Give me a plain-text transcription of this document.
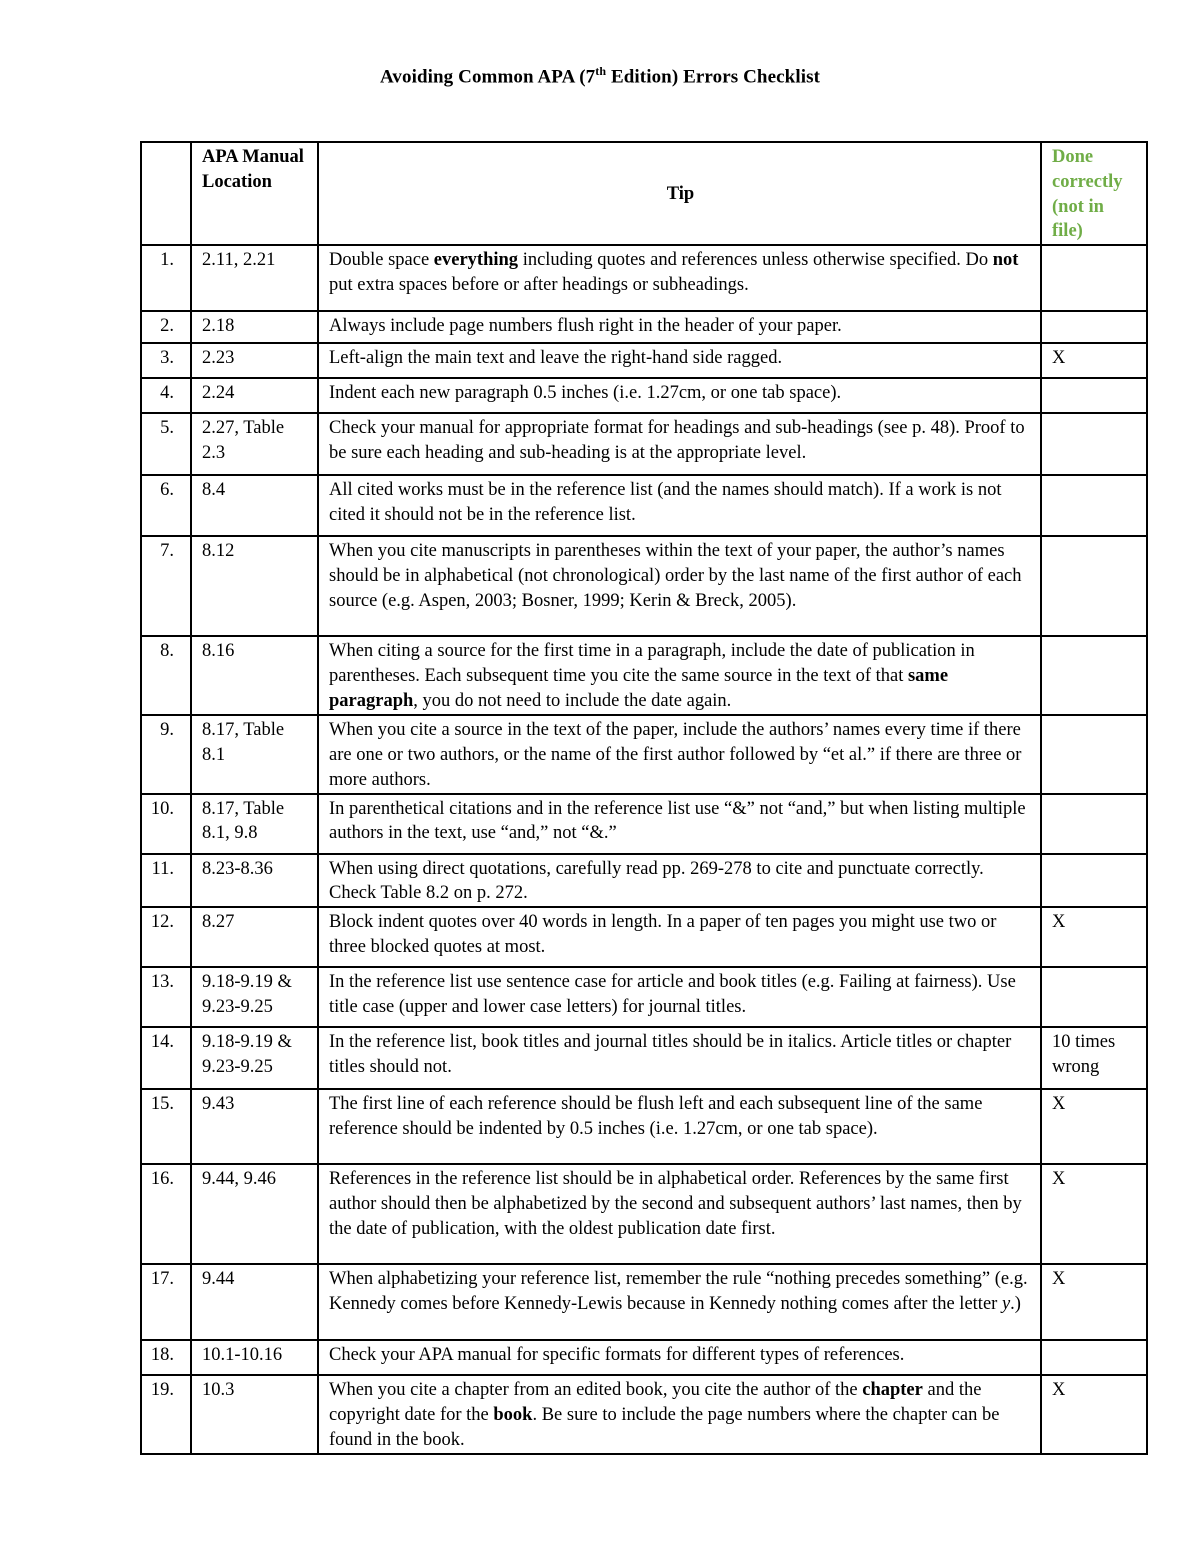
Avoiding Common APA (7th Edition) Errors Checklist
	APA Manual Location	Tip	Done correctly (not in file)
1.	2.11, 2.21	Double space everything including quotes and references unless otherwise specified. Do not put extra spaces before or after headings or subheadings.	
2.	2.18	Always include page numbers flush right in the header of your paper.	
3.	2.23	Left-align the main text and leave the right-hand side ragged.	X
4.	2.24	Indent each new paragraph 0.5 inches (i.e. 1.27cm, or one tab space).	
5.	2.27, Table 2.3	Check your manual for appropriate format for headings and sub-headings (see p. 48). Proof to be sure each heading and sub-heading is at the appropriate level.	
6.	8.4	All cited works must be in the reference list (and the names should match). If a work is not cited it should not be in the reference list.	
7.	8.12	When you cite manuscripts in parentheses within the text of your paper, the author’s names should be in alphabetical (not chronological) order by the last name of the first author of each source (e.g. Aspen, 2003; Bosner, 1999; Kerin & Breck, 2005).	
8.	8.16	When citing a source for the first time in a paragraph, include the date of publication in parentheses. Each subsequent time you cite the same source in the text of that same paragraph, you do not need to include the date again.	
9.	8.17, Table 8.1	When you cite a source in the text of the paper, include the authors’ names every time if there are one or two authors, or the name of the first author followed by “et al.” if there are three or more authors.	
10.	8.17, Table 8.1, 9.8	In parenthetical citations and in the reference list use “&” not “and,” but when listing multiple authors in the text, use “and,” not “&.”	
11.	8.23-8.36	When using direct quotations, carefully read pp. 269-278 to cite and punctuate correctly. Check Table 8.2 on p. 272.	
12.	8.27	Block indent quotes over 40 words in length. In a paper of ten pages you might use two or three blocked quotes at most.	X
13.	9.18-9.19 & 9.23-9.25	In the reference list use sentence case for article and book titles (e.g. Failing at fairness). Use title case (upper and lower case letters) for journal titles.	
14.	9.18-9.19 & 9.23-9.25	In the reference list, book titles and journal titles should be in italics. Article titles or chapter titles should not.	10 times wrong
15.	9.43	The first line of each reference should be flush left and each subsequent line of the same reference should be indented by 0.5 inches (i.e. 1.27cm, or one tab space).	X
16.	9.44, 9.46	References in the reference list should be in alphabetical order. References by the same first author should then be alphabetized by the second and subsequent authors’ last names, then by the date of publication, with the oldest publication date first.	X
17.	9.44	When alphabetizing your reference list, remember the rule “nothing precedes something” (e.g. Kennedy comes before Kennedy-Lewis because in Kennedy nothing comes after the letter y.)	X
18.	10.1-10.16	Check your APA manual for specific formats for different types of references.	
19.	10.3	When you cite a chapter from an edited book, you cite the author of the chapter and the copyright date for the book. Be sure to include the page numbers where the chapter can be found in the book.	X
